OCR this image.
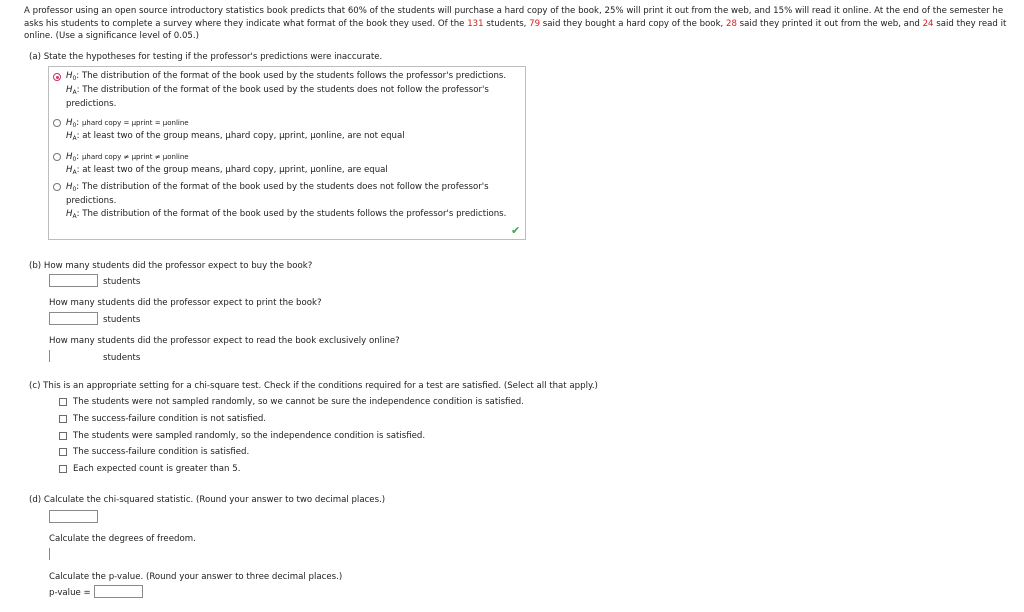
A professor using an open source introductory statistics book predicts that 60% of the students will purchase a hard copy of the book, 25% will print it out from the web, and 15% will read it online. At the end of the semester he asks his students to complete a survey where they indicate what format of the book they used. Of the 131 students, 79 said they bought a hard copy of the book, 28 said they printed it out from the web, and 24 said they read it online. (Use a significance level of 0.05.)
(a) State the hypotheses for testing if the professor's predictions were inaccurate.
$H_0$: The distribution of the format of the book used by the students follows the professor's predictions.
$H_A$: The distribution of the format of the book used by the students does not follow the professor's
predictions.
$H_0$: μhard copy = μprint = μonline
$H_A$: at least two of the group means, μhard copy, μprint, μonline, are not equal
$H_0$: μhard copy ≠ μprint ≠ μonline
$H_A$: at least two of the group means, μhard copy, μprint, μonline, are equal
$H_0$: The distribution of the format of the book used by the students does not follow the professor's
predictions.
$H_A$: The distribution of the format of the book used by the students follows the professor's predictions.
✔
(b) How many students did the professor expect to buy the book?
students
How many students did the professor expect to print the book?
students
How many students did the professor expect to read the book exclusively online?
students
(c) This is an appropriate setting for a chi-square test. Check if the conditions required for a test are satisfied. (Select all that apply.)
The students were not sampled randomly, so we cannot be sure the independence condition is satisfied.
The success-failure condition is not satisfied.
The students were sampled randomly, so the independence condition is satisfied.
The success-failure condition is satisfied.
Each expected count is greater than 5.
(d) Calculate the chi-squared statistic. (Round your answer to two decimal places.)
Calculate the degrees of freedom.
Calculate the p-value. (Round your answer to three decimal places.)
p-value =
